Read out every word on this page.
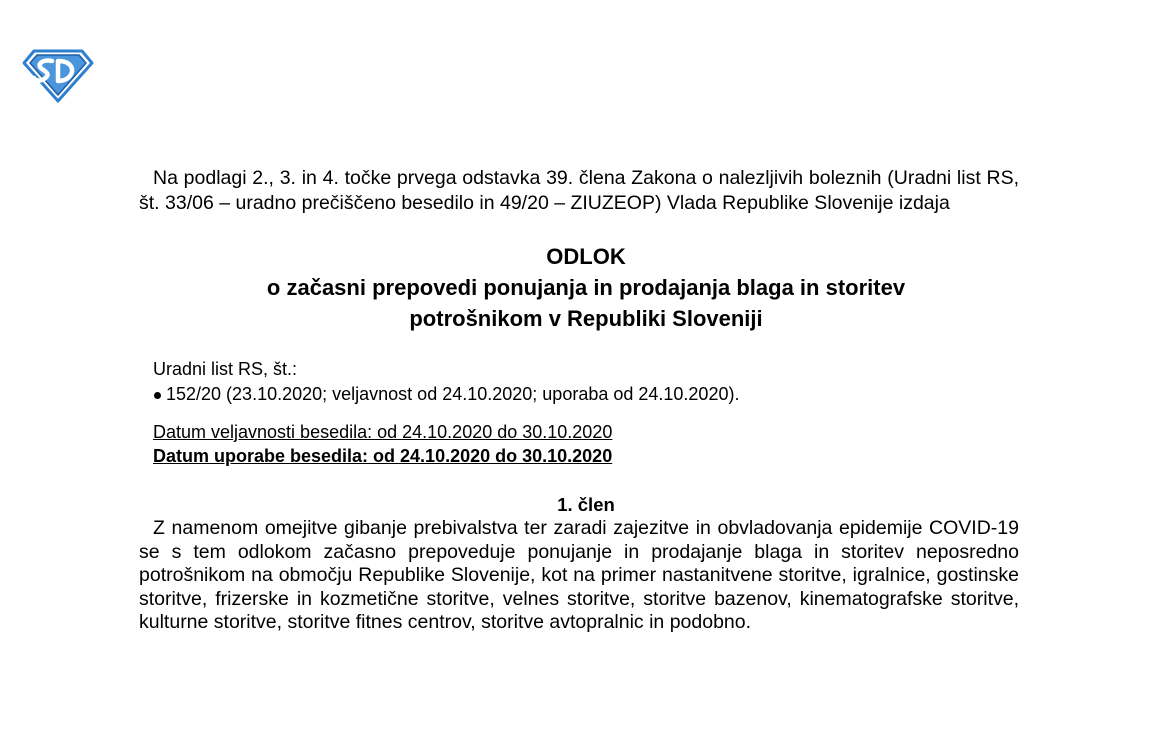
Na podlagi 2., 3. in 4. točke prvega odstavka 39. člena Zakona o nalezljivih boleznih (Uradni list RS, št. 33/06 – uradno prečiščeno besedilo in 49/20 – ZIUZEOP) Vlada Republike Slovenije izdaja

ODLOK
o začasni prepovedi ponujanja in prodajanja blaga in storitev
potrošnikom v Republiki Sloveniji
Uradni list RS, št.:
152/20 (23.10.2020; veljavnost od 24.10.2020; uporaba od 24.10.2020).
Datum veljavnosti besedila: od 24.10.2020 do 30.10.2020
Datum uporabe besedila: od 24.10.2020 do 30.10.2020
1. člen

Z namenom omejitve gibanje prebivalstva ter zaradi zajezitve in obvladovanja epidemije COVID-19 se s tem odlokom začasno prepoveduje ponujanje in prodajanje blaga in storitev neposredno potrošnikom na območju Republike Slovenije, kot na primer nastanitvene storitve, igralnice, gostinske storitve, frizerske in kozmetične storitve, velnes storitve, storitve bazenov, kinematografske storitve, kulturne storitve, storitve fitnes centrov, storitve avtopralnic in podobno.
